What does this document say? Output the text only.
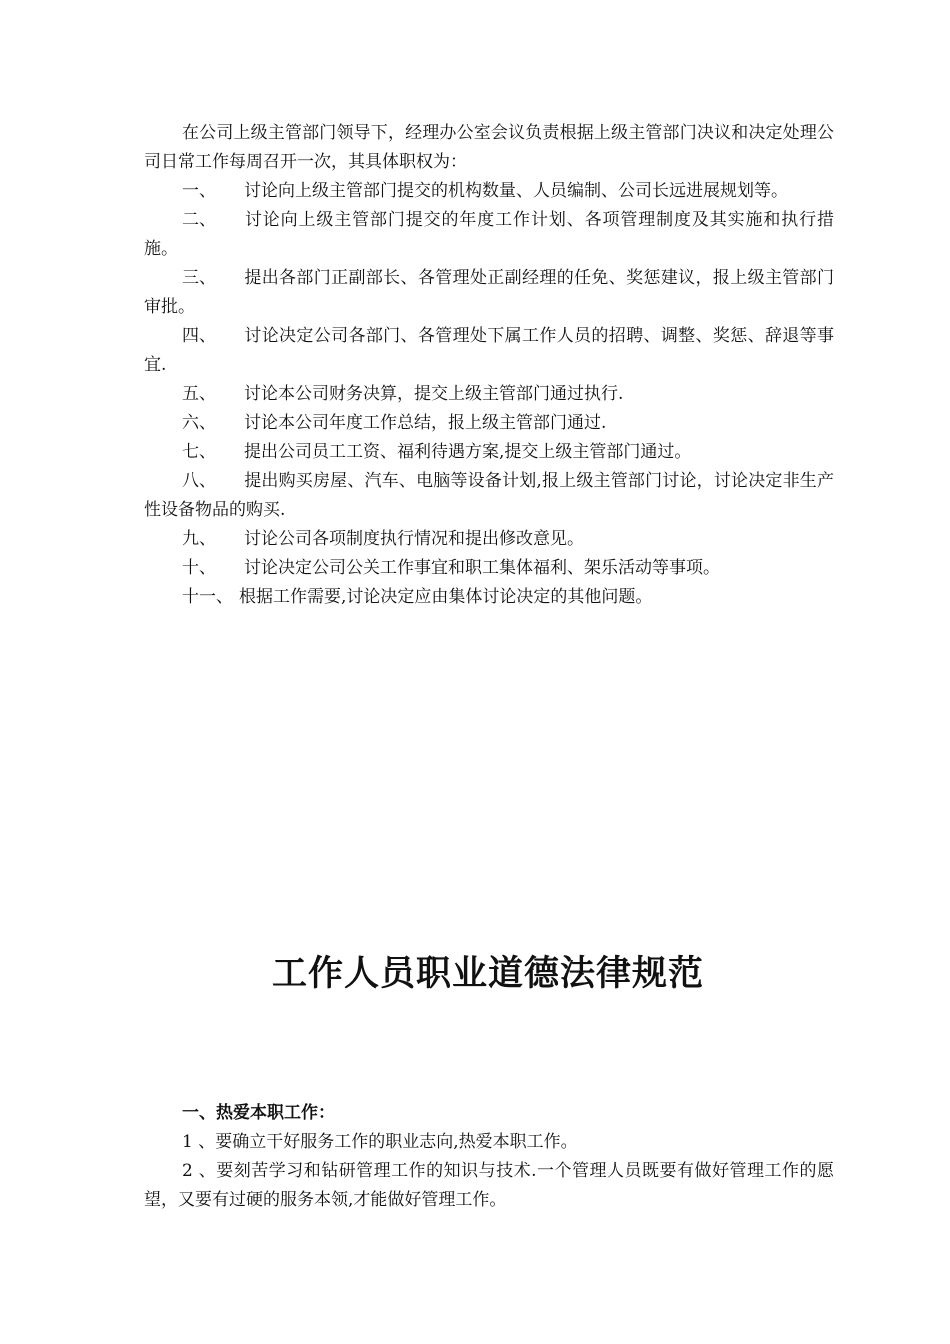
在公司上级主管部门领导下，经理办公室会议负责根据上级主管部门决议和决定处理公司日常工作每周召开一次，其具体职权为：

一、 讨论向上级主管部门提交的机构数量、人员编制、公司长远进展规划等。

二、 讨论向上级主管部门提交的年度工作计划、各项管理制度及其实施和执行措施。

三、 提出各部门正副部长、各管理处正副经理的任免、奖惩建议，报上级主管部门审批。

四、 讨论决定公司各部门、各管理处下属工作人员的招聘、调整、奖惩、辞退等事宜.

五、 讨论本公司财务决算，提交上级主管部门通过执行.

六、 讨论本公司年度工作总结，报上级主管部门通过.

七、 提出公司员工工资、福利待遇方案,提交上级主管部门通过。

八、 提出购买房屋、汽车、电脑等设备计划,报上级主管部门讨论，讨论决定非生产性设备物品的购买.

九、 讨论公司各项制度执行情况和提出修改意见。

十、 讨论决定公司公关工作事宜和职工集体福利、架乐活动等事项。

十一、 根据工作需要,讨论决定应由集体讨论决定的其他问题。

工作人员职业道德法律规范

一、热爱本职工作：

1 、要确立干好服务工作的职业志向,热爱本职工作。

2 、要刻苦学习和钻研管理工作的知识与技术.一个管理人员既要有做好管理工作的愿望，又要有过硬的服务本领,才能做好管理工作。
